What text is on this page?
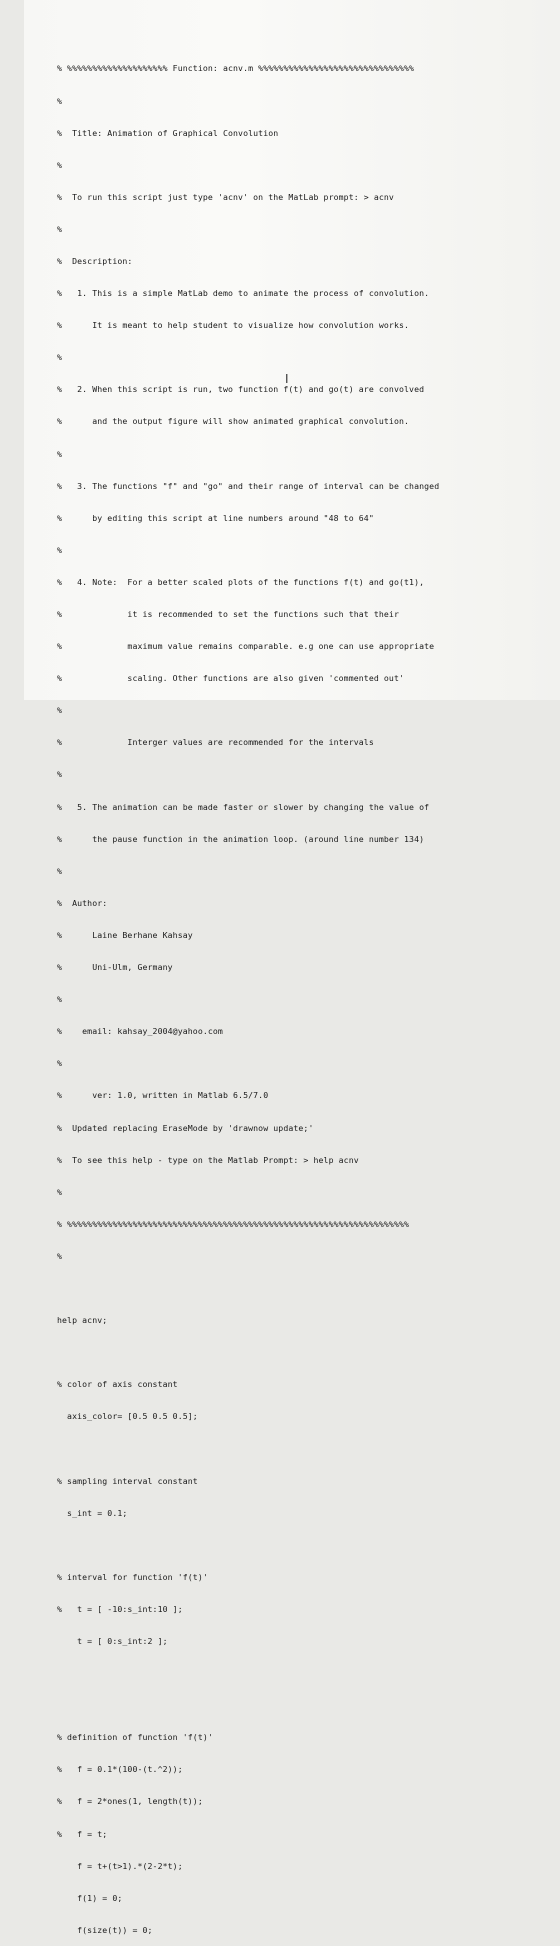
% %%%%%%%%%%%%%%%%%%%% Function: acnv.m %%%%%%%%%%%%%%%%%%%%%%%%%%%%%%%

%

%  Title: Animation of Graphical Convolution

%

%  To run this script just type 'acnv' on the MatLab prompt: > acnv

%

%  Description:

%   1. This is a simple MatLab demo to animate the process of convolution.

%      It is meant to help student to visualize how convolution works.

%

%   2. When this script is run, two function f(t) and go(t) are convolved

%      and the output figure will show animated graphical convolution.

%

%   3. The functions "f" and "go" and their range of interval can be changed

%      by editing this script at line numbers around "48 to 64"

%

%   4. Note:  For a better scaled plots of the functions f(t) and go(t1),

%             it is recommended to set the functions such that their

%             maximum value remains comparable. e.g one can use appropriate

%             scaling. Other functions are also given 'commented out'

%

%             Interger values are recommended for the intervals

%

%   5. The animation can be made faster or slower by changing the value of

%      the pause function in the animation loop. (around line number 134)

%

%  Author:

%      Laine Berhane Kahsay

%      Uni-Ulm, Germany

%

%    email: kahsay_2004@yahoo.com

%

%      ver: 1.0, written in Matlab 6.5/7.0

%  Updated replacing EraseMode by 'drawnow update;'

%  To see this help - type on the Matlab Prompt: > help acnv

%

% %%%%%%%%%%%%%%%%%%%%%%%%%%%%%%%%%%%%%%%%%%%%%%%%%%%%%%%%%%%%%%%%%%%%

%

help acnv;

% color of axis constant

axis_color= [0.5 0.5 0.5];

% sampling interval constant

s_int = 0.1;

% interval for function 'f(t)'

%   t = [ -10:s_int:10 ];

t = [ 0:s_int:2 ];

% definition of function 'f(t)'

%   f = 0.1*(100-(t.^2));

%   f = 2*ones(1, length(t));

%   f = t;

f = t+(t>1).*(2-2*t);

f(1) = 0;

f(size(t)) = 0;

I
